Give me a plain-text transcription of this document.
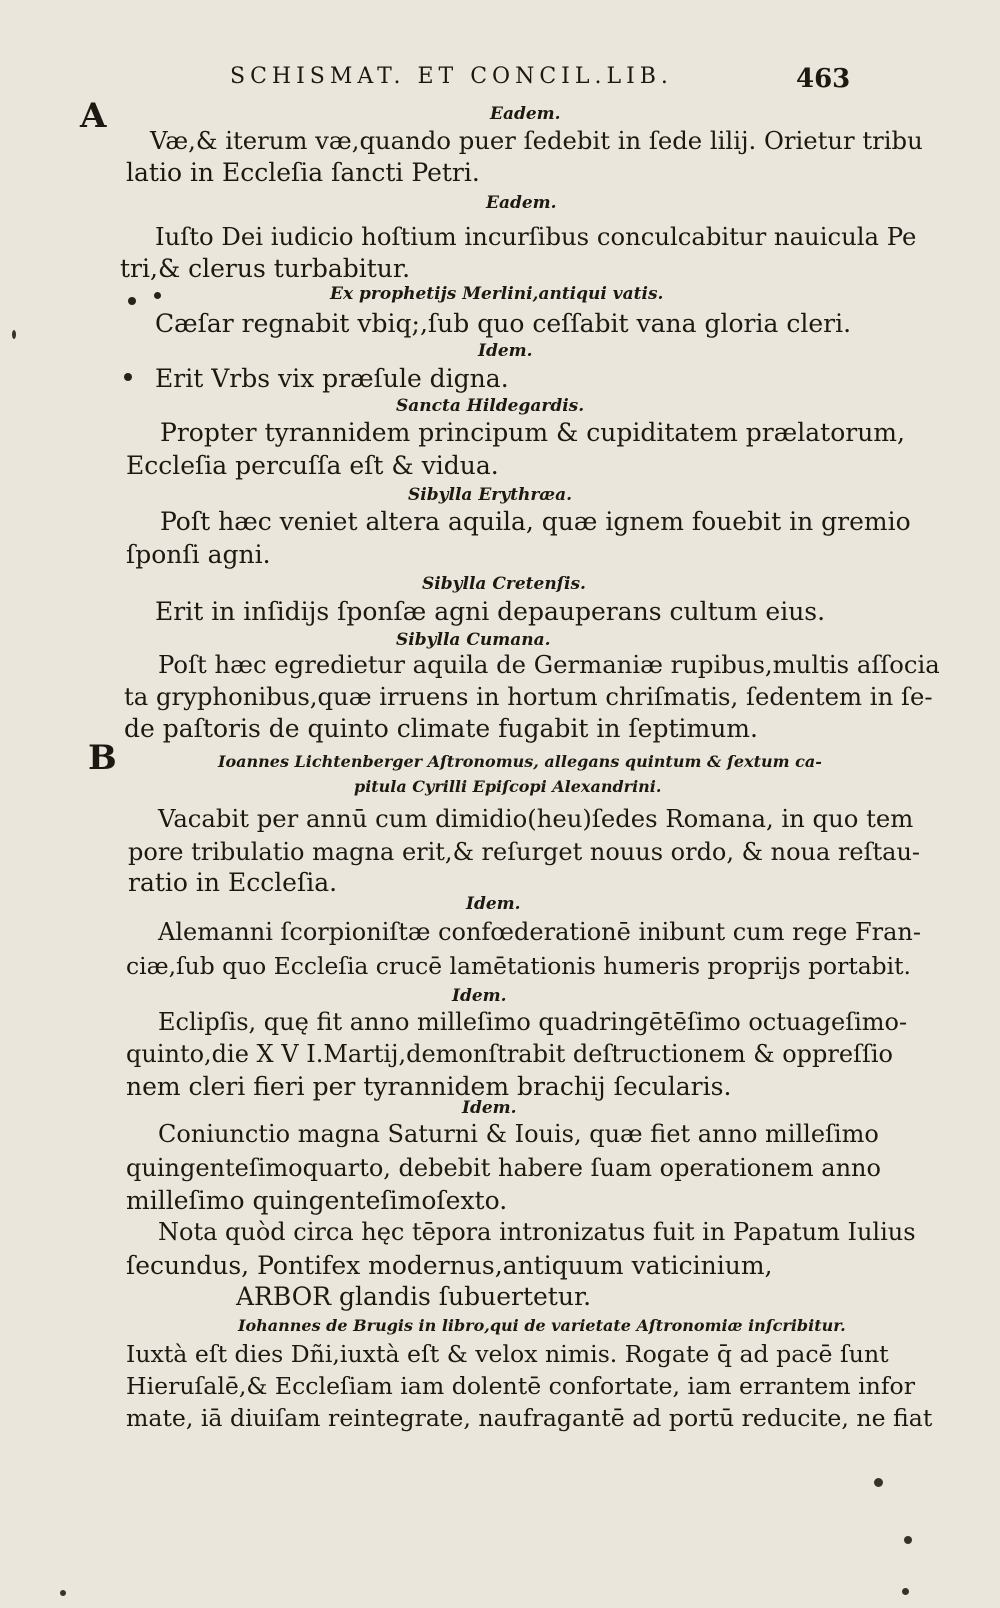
SCHISMAT. ET CONCIL.LIB.	463
A
B
Eadem.
Væ,& iterum væ,quando puer ſedebit in ſede lilij. Orietur tribu
latio in Eccleſia ſancti Petri.
Eadem.
Iuſto Dei iudicio hoſtium incurſibus conculcabitur nauicula Pe
tri,& clerus turbabitur.
Ex prophetijs Merlini,antiqui vatis.
Cæſar regnabit vbiq;,ſub quo ceſſabit vana gloria cleri.
Idem.
Erit Vrbs vix præſule digna.
Sancta Hildegardis.
Propter tyrannidem principum & cupiditatem prælatorum,
Eccleſia percuſſa eſt & vidua.
Sibylla Erythræa.
Poſt hæc veniet altera aquila, quæ ignem fouebit in gremio
ſponſi agni.
Sibylla Cretenſis.
Erit in inſidijs ſponſæ agni depauperans cultum eius.
Sibylla Cumana.
Poſt hæc egredietur aquila de Germaniæ rupibus,multis aſſocia
ta gryphonibus,quæ irruens in hortum chriſmatis, ſedentem in ſe-
de paſtoris de quinto climate fugabit in ſeptimum.
Ioannes Lichtenberger Aſtronomus, allegans quintum & ſextum ca-
pitula Cyrilli Epiſcopi Alexandrini.
Vacabit per annū cum dimidio(heu)ſedes Romana, in quo tem
pore tribulatio magna erit,& reſurget nouus ordo, & noua reſtau-
ratio in Eccleſia.
Idem.
Alemanni ſcorpioniſtæ confœderationē inibunt cum rege Fran-
ciæ,ſub quo Eccleſia crucē lamētationis humeris proprijs portabit.
Idem.
Eclipſis, quę fit anno milleſimo quadringētēſimo octuageſimo-
quinto,die X V I.Martij,demonſtrabit deſtructionem & oppreſſio
nem cleri fieri per tyrannidem brachij ſecularis.
Idem.
Coniunctio magna Saturni & Iouis, quæ fiet anno milleſimo
quingenteſimoquarto, debebit habere ſuam operationem anno
milleſimo quingenteſimoſexto.
Nota quòd circa hęc tēpora intronizatus fuit in Papatum Iulius
ſecundus, Pontifex modernus,antiquum vaticinium,
ARBOR glandis ſubuertetur.
Iohannes de Brugis in libro,qui de varietate Aſtronomiæ inſcribitur.
Iuxtà eſt dies Dñi,iuxtà eſt & velox nimis. Rogate q̄ ad pacē ſunt
Hieruſalē,& Eccleſiam iam dolentē confortate, iam errantem infor
mate, iā diuiſam reintegrate, naufragantē ad portū reducite, ne fiat
